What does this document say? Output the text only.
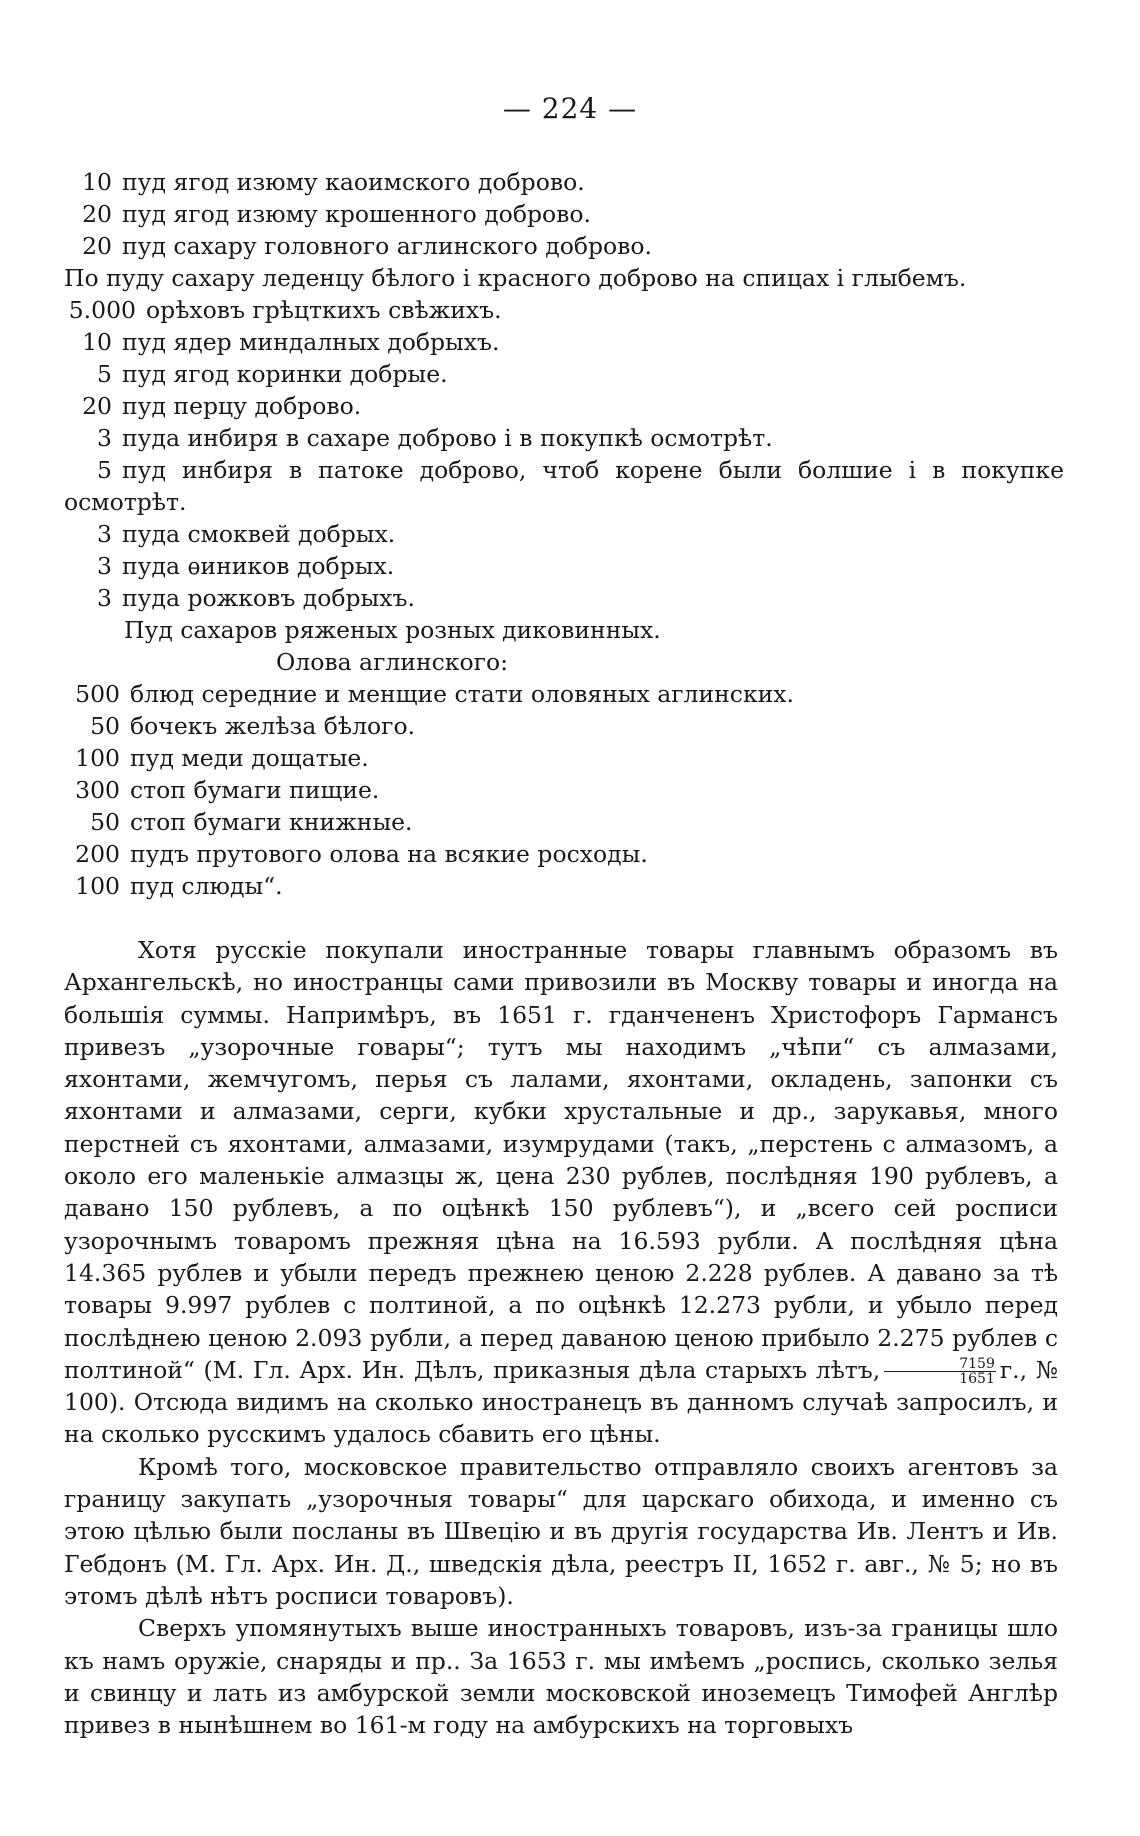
— 224 —
10 пуд ягод изюму каоимского доброво.
20 пуд ягод изюму крошенного доброво.
20 пуд сахару головного аглинского доброво.
По пуду сахару леденцу бѣлого і красного доброво на спицах і глыбемъ.
5.000 орѣховъ грѣцткихъ свѣжихъ.
10 пуд ядер миндалных добрыхъ.
5 пуд ягод коринки добрые.
20 пуд перцу доброво.
3 пуда инбиря в сахаре доброво і в покупкѣ осмотрѣт.
5 пуд инбиря в патоке доброво, чтоб корене были болшие і в покупке осмотрѣт.
3 пуда смоквей добрых.
3 пуда ѳиников добрых.
3 пуда рожковъ добрыхъ.
Пуд сахаров ряженых розных диковинных.
Олова аглинского:
500 блюд середние и менщие стати оловяных аглинских.
50 бочекъ желѣза бѣлого.
100 пуд меди дощатые.
300 стоп бумаги пищие.
50 стоп бумаги книжные.
200 пудъ прутового олова на всякие росходы.
100 пуд слюды“.

Хотя русскіе покупали иностранные товары главнымъ образомъ въ Архангельскѣ, но иностранцы сами привозили въ Москву товары и иногда на большія суммы. Напримѣръ, въ 1651 г. гданчененъ Христофоръ Гармансъ привезъ „узорочные говары“; тутъ мы находимъ „чѣпи“ съ алмазами, яхонтами, жемчугомъ, перья съ лалами, яхонтами, окладень, запонки съ яхонтами и алмазами, серги, кубки хрустальные и др., зарукавья, много перстней съ яхонтами, алмазами, изумрудами (такъ, „перстень с алмазомъ, а около его маленькіе алмазцы ж, цена 230 рублев, послѣдняя 190 рублевъ, а давано 150 рублевъ, а по оцѣнкѣ 150 рублевъ“), и „всего сей росписи узорочнымъ товаромъ прежняя цѣна на 16.593 рубли. А послѣдняя цѣна 14.365 рублев и убыли передъ прежнею ценою 2.228 рублев. А давано за тѣ товары 9.997 рублев с полтиной, а по оцѣнкѣ 12.273 рубли, и убыло перед послѣднею ценою 2.093 рубли, а перед даваною ценою прибыло 2.275 рублев с полтиной“ (М. Гл. Арх. Ин. Дѣлъ, приказныя дѣла старыхъ лѣтъ, $\frac{7159}{1651} г$., № 100). Отсюда видимъ на сколько иностранецъ въ данномъ случаѣ запросилъ, и на сколько русскимъ удалось сбавить его цѣны.

Кромѣ того, московское правительство отправляло своихъ агентовъ за границу закупать „узорочныя товары“ для царскаго обихода, и именно съ этою цѣлью были посланы въ Швецію и въ другія государства Ив. Лентъ и Ив. Гебдонъ (М. Гл. Арх. Ин. Д., шведскія дѣла, реестръ II, 1652 г. авг., № 5; но въ этомъ дѣлѣ нѣтъ росписи товаровъ).

Сверхъ упомянутыхъ выше иностранныхъ товаровъ, изъ-за границы шло къ намъ оружіе, снаряды и пр.. За 1653 г. мы имѣемъ „роспись, сколько зелья и свинцу и лать из амбурской земли московской иноземецъ Тимофей Англѣр привез в нынѣшнем во 161-м году на амбурскихъ на торговыхъ
